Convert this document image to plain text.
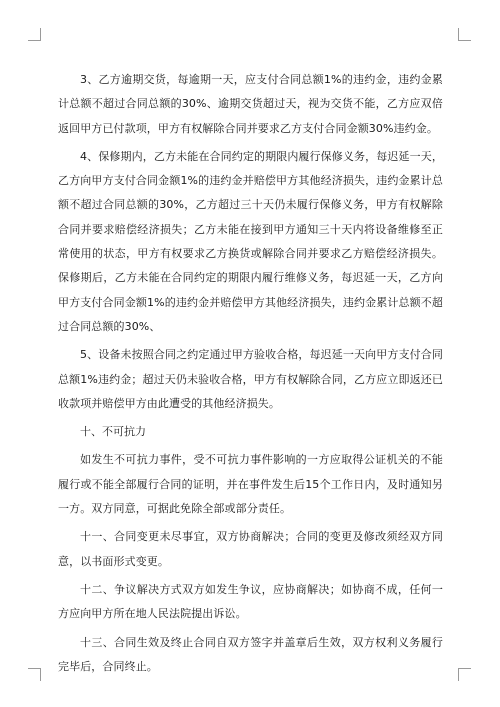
3、乙方逾期交货，每逾期一天，应支付合同总额1%的违约金，违约金累计总额不超过合同总额的30%、逾期交货超过天，视为交货不能，乙方应双倍返回甲方已付款项，甲方有权解除合同并要求乙方支付合同金额30%违约金。

4、保修期内，乙方未能在合同约定的期限内履行保修义务，每迟延一天，乙方向甲方支付合同金额1%的违约金并赔偿甲方其他经济损失，违约金累计总额不超过合同总额的30%，乙方超过三十天仍未履行保修义务，甲方有权解除合同并要求赔偿经济损失；乙方未能在接到甲方通知三十天内将设备维修至正常使用的状态，甲方有权要求乙方换货或解除合同并要求乙方赔偿经济损失。保修期后，乙方未能在合同约定的期限内履行维修义务，每迟延一天，乙方向甲方支付合同金额1%的违约金并赔偿甲方其他经济损失，违约金累计总额不超过合同总额的30%、

5、设备未按照合同之约定通过甲方验收合格，每迟延一天向甲方支付合同总额1%违约金；超过天仍未验收合格，甲方有权解除合同，乙方应立即返还已收款项并赔偿甲方由此遭受的其他经济损失。

十、不可抗力

如发生不可抗力事件，受不可抗力事件影响的一方应取得公证机关的不能履行或不能全部履行合同的证明，并在事件发生后15个工作日内，及时通知另一方。双方同意，可据此免除全部或部分责任。

十一、合同变更未尽事宜，双方协商解决；合同的变更及修改须经双方同意，以书面形式变更。

十二、争议解决方式双方如发生争议，应协商解决；如协商不成，任何一方应向甲方所在地人民法院提出诉讼。

十三、合同生效及终止合同自双方签字并盖章后生效，双方权利义务履行完毕后，合同终止。
